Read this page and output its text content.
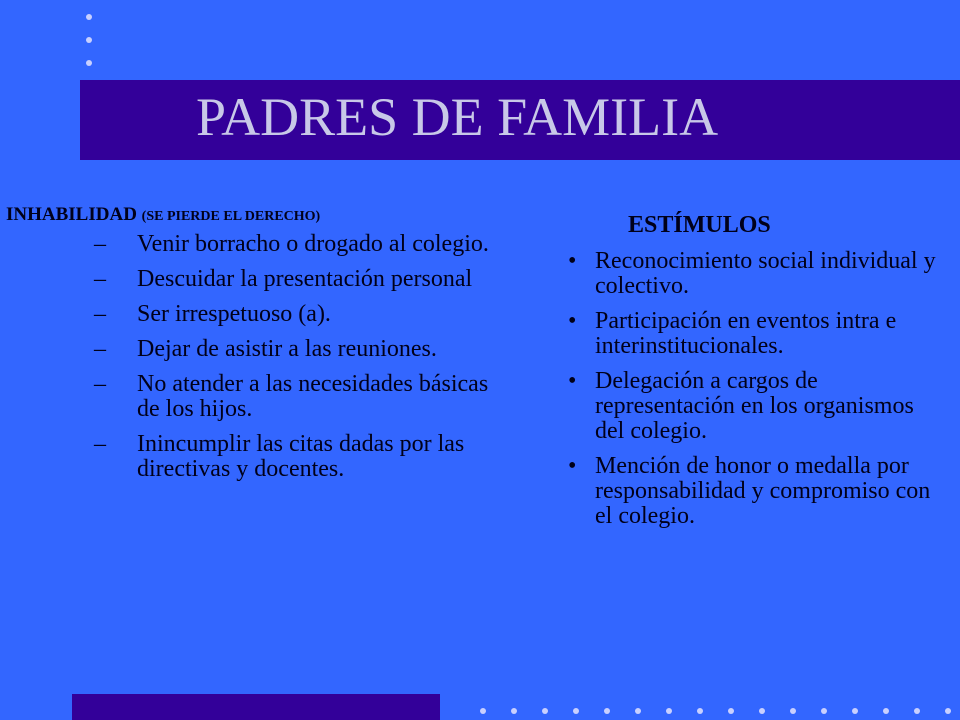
PADRES DE FAMILIA

INHABILIDAD (SE PIERDE EL DERECHO)

– Venir borracho o drogado al colegio.
– Descuidar la presentación personal
– Ser irrespetuoso (a).
– Dejar de asistir a las reuniones.
– No atender a las necesidades básicas de los hijos.
– Inincumplir las citas dadas por las directivas y docentes.

ESTÍMULOS

• Reconocimiento social individual y colectivo.
• Participación en eventos intra e interinstitucionales.
• Delegación a cargos de representación en los organismos del colegio.
• Mención de honor o medalla por responsabilidad y compromiso con el colegio.
